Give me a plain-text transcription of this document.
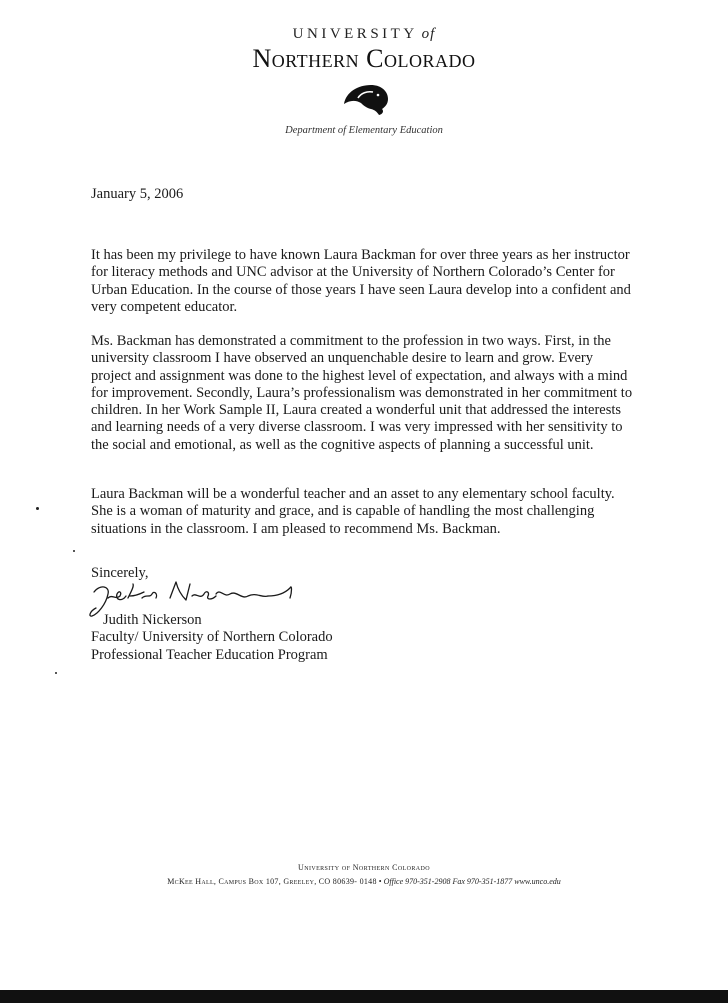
UNIVERSITY of
Northern Colorado
Department of Elementary Education
January 5, 2006
It has been my privilege to have known Laura Backman for over three years as her instructor for literacy methods and UNC advisor at the University of Northern Colorado’s Center for Urban Education. In the course of those years I have seen Laura develop into a confident and very competent educator.
Ms. Backman has demonstrated a commitment to the profession in two ways. First, in the university classroom I have observed an unquenchable desire to learn and grow. Every project and assignment was done to the highest level of expectation, and always with a mind for improvement. Secondly, Laura’s professionalism was demonstrated in her commitment to children. In her Work Sample II, Laura created a wonderful unit that addressed the interests and learning needs of a very diverse classroom. I was very impressed with her sensitivity to the social and emotional, as well as the cognitive aspects of planning a successful unit.
Laura Backman will be a wonderful teacher and an asset to any elementary school faculty. She is a woman of maturity and grace, and is capable of handling the most challenging situations in the classroom. I am pleased to recommend Ms. Backman.
Sincerely,
Judith Nickerson
Faculty/ University of Northern Colorado
Professional Teacher Education Program
University of Northern Colorado
McKee Hall, Campus Box 107, Greeley, CO 80639- 0148 • Office 970-351-2908 Fax 970-351-1877 www.unco.edu
